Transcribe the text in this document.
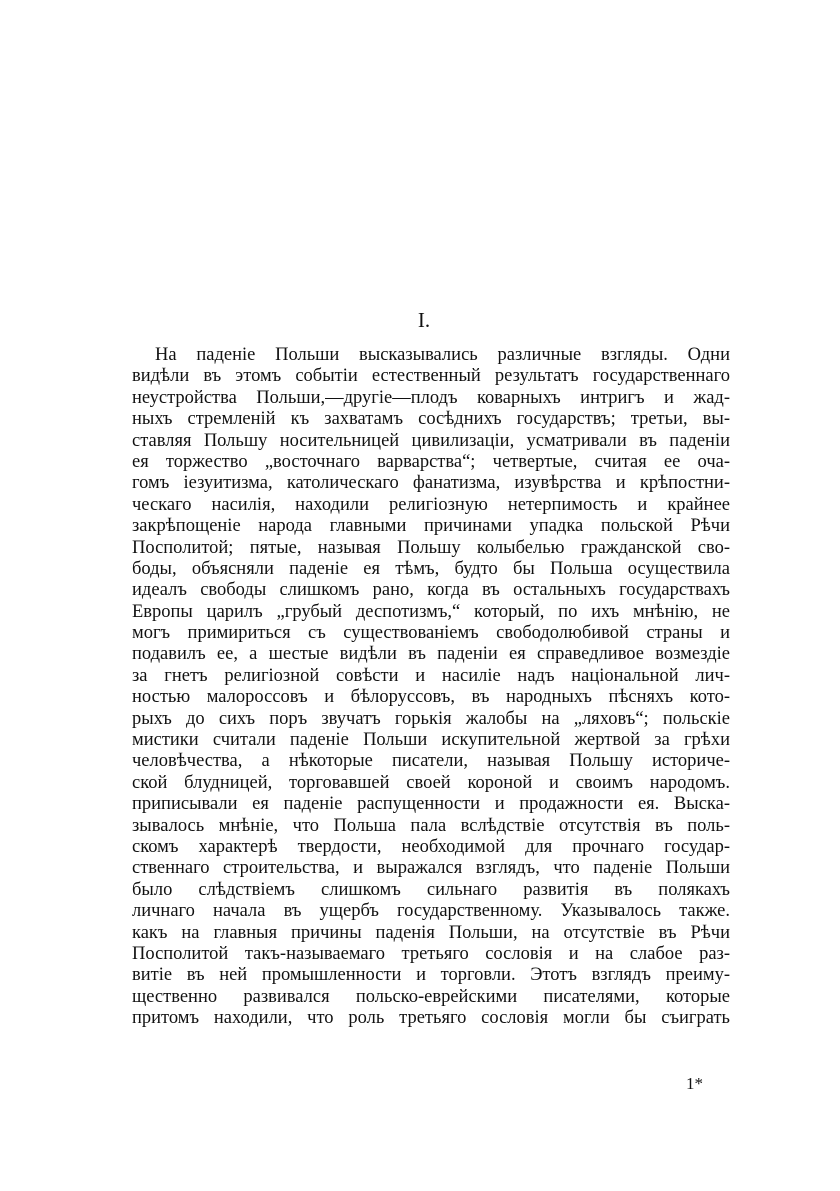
I.
На паденіе Польши высказывались различные взгляды. Одни
видѣли въ этомъ событіи естественный результатъ государственнаго
неустройства Польши,—другіе—плодъ коварныхъ интригъ и жад-
ныхъ стремленій къ захватамъ сосѣднихъ государствъ; третьи, вы-
ставляя Польшу носительницей цивилизаціи, усматривали въ паденіи
ея торжество „восточнаго варварства“; четвертые, считая ее оча-
гомъ іезуитизма, католическаго фанатизма, изувѣрства и крѣпостни-
ческаго насилія, находили религіозную нетерпимость и крайнее
закрѣпощеніе народа главными причинами упадка польской Рѣчи
Посполитой; пятые, называя Польшу колыбелью гражданской сво-
боды, объясняли паденіе ея тѣмъ, будто бы Польша осуществила
идеалъ свободы слишкомъ рано, когда въ остальныхъ государствахъ
Европы царилъ „грубый деспотизмъ,“ который, по ихъ мнѣнію, не
могъ примириться съ существованіемъ свободолюбивой страны и
подавилъ ее, а шестые видѣли въ паденіи ея справедливое возмездіе
за гнетъ религіозной совѣсти и насиліе надъ національной лич-
ностью малороссовъ и бѣлоруссовъ, въ народныхъ пѣсняхъ кото-
рыхъ до сихъ поръ звучатъ горькія жалобы на „ляховъ“; польскіе
мистики считали паденіе Польши искупительной жертвой за грѣхи
человѣчества, а нѣкоторые писатели, называя Польшу историче-
ской блудницей, торговавшей своей короной и своимъ народомъ.
приписывали ея паденіе распущенности и продажности ея. Выска-
зывалось мнѣніе, что Польша пала вслѣдствіе отсутствія въ поль-
скомъ характерѣ твердости, необходимой для прочнаго государ-
ственнаго строительства, и выражался взглядъ, что паденіе Польши
было слѣдствіемъ слишкомъ сильнаго развитія въ полякахъ
личнаго начала въ ущербъ государственному. Указывалось также.
какъ на главныя причины паденія Польши, на отсутствіе въ Рѣчи
Посполитой такъ-называемаго третьяго сословія и на слабое раз-
витіе въ ней промышленности и торговли. Этотъ взглядъ преиму-
щественно развивался польско-еврейскими писателями, которые
притомъ находили, что роль третьяго сословія могли бы съиграть
1*
